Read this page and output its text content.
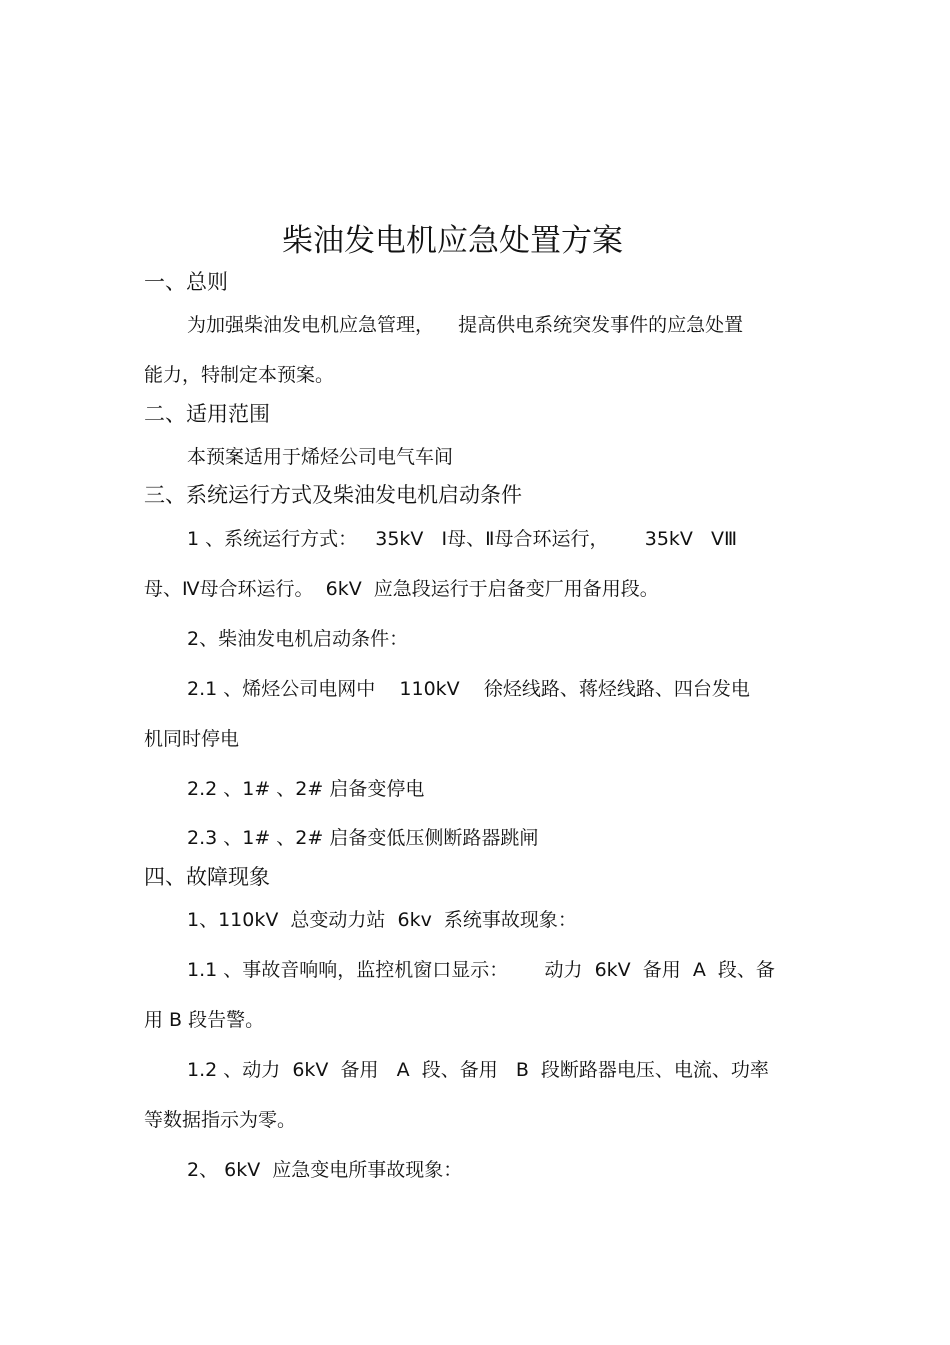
柴油发电机应急处置方案
一、总则
为加强柴油发电机应急管理，    提高供电系统突发事件的应急处置
能力，特制定本预案。
二、适用范围
本预案适用于烯烃公司电气车间
三、系统运行方式及柴油发电机启动条件
1 、系统运行方式：   35kV   Ⅰ母、Ⅱ母合环运行，      35kV   VⅢ
母、Ⅳ母合环运行。  6kV  应急段运行于启备变厂用备用段。
2、柴油发电机启动条件：
2.1 、烯烃公司电网中    110kV    徐烃线路、蒋烃线路、四台发电
机同时停电
2.2 、1# 、2# 启备变停电
2.3 、1# 、2# 启备变低压侧断路器跳闸
四、故障现象
1、110kV  总变动力站  6kv  系统事故现象：
1.1 、事故音响响，监控机窗口显示：      动力  6kV  备用  A  段、备
用 B 段告警。
1.2 、动力  6kV  备用   A  段、备用   B  段断路器电压、电流、功率
等数据指示为零。
2、 6kV  应急变电所事故现象：
